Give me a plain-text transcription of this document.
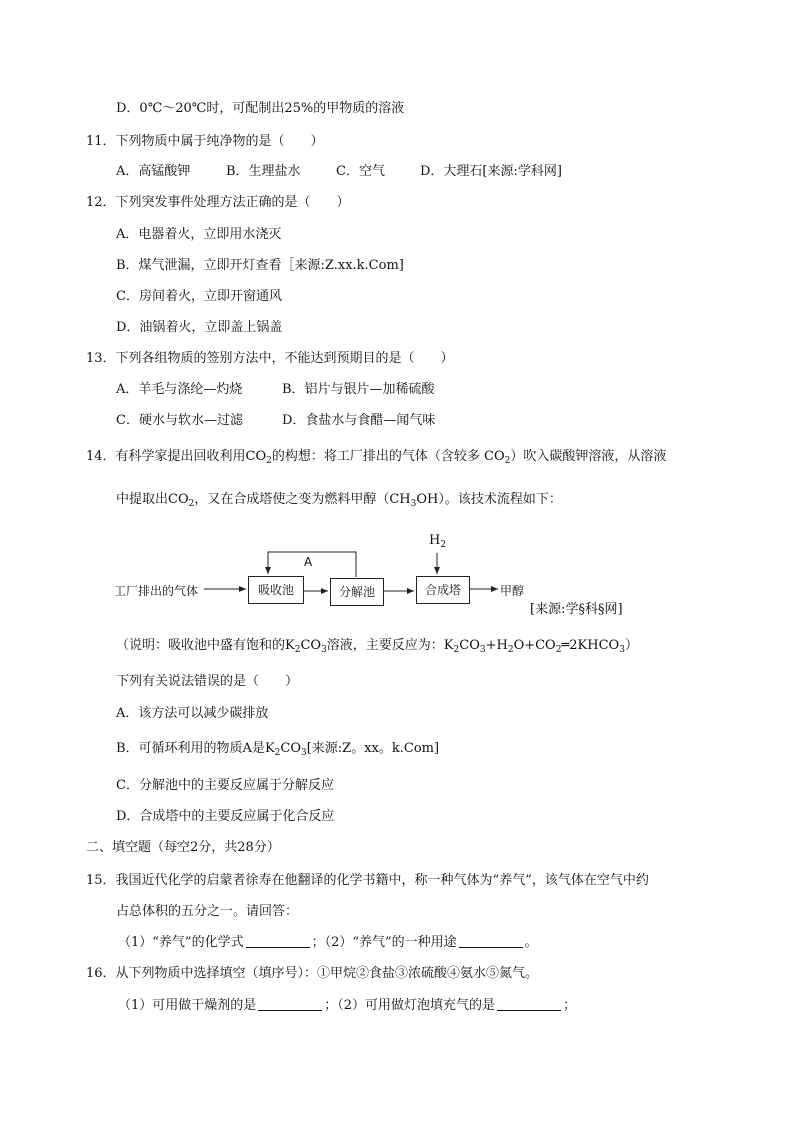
D．0℃～20℃时，可配制出25%的甲物质的溶液
11．下列物质中属于纯净物的是（　　）
A．高锰酸钾	B．生理盐水	C．空气	D．大理石[来源:学科网]
12．下列突发事件处理方法正确的是（　　）
A．电器着火，立即用水浇灭
B．煤气泄漏，立即开灯查看［来源:Z.xx.k.Com]
C．房间着火，立即开窗通风
D．油锅着火，立即盖上锅盖
13．下列各组物质的签别方法中，不能达到预期目的是（　　）
A．羊毛与涤纶—灼烧	B．铝片与银片—加稀硫酸
C．硬水与软水—过滤	D．食盐水与食醋—闻气味
14．有科学家提出回收利用$CO_2$的构想：将工厂排出的气体（含较多 $CO_2$）吹入碳酸钾溶液，从溶液
中提取出$CO_2$，又在合成塔使之变为燃料甲醇$(CH_3OH)$。该技术流程如下：
工厂排出的气体	吸收池	分解池	合成塔	甲醇
A
$H_2$
[来源:学§科§网]
（说明：吸收池中盛有饱和的$K_2CO_3$溶液，主要反应为：$K_2CO_3+H_2O+CO_2═2KHCO_3$）
下列有关说法错误的是（　　）
A．该方法可以减少碳排放
B．可循环利用的物质A是$K_2CO_3$[来源:Z。xx。k.Com]
C．分解池中的主要反应属于分解反应
D．合成塔中的主要反应属于化合反应
二、填空题（每空2分，共28分）
15．我国近代化学的启蒙者徐寿在他翻译的化学书籍中，称一种气体为“养气”，该气体在空气中约
占总体积的五分之一。请回答：
（1）“养气”的化学式	；（2）“养气”的一种用途	。
16．从下列物质中选择填空（填序号）：①甲烷②食盐③浓硫酸④氨水⑤氮气。
（1）可用做干燥剂的是	；（2）可用做灯泡填充气的是	；
